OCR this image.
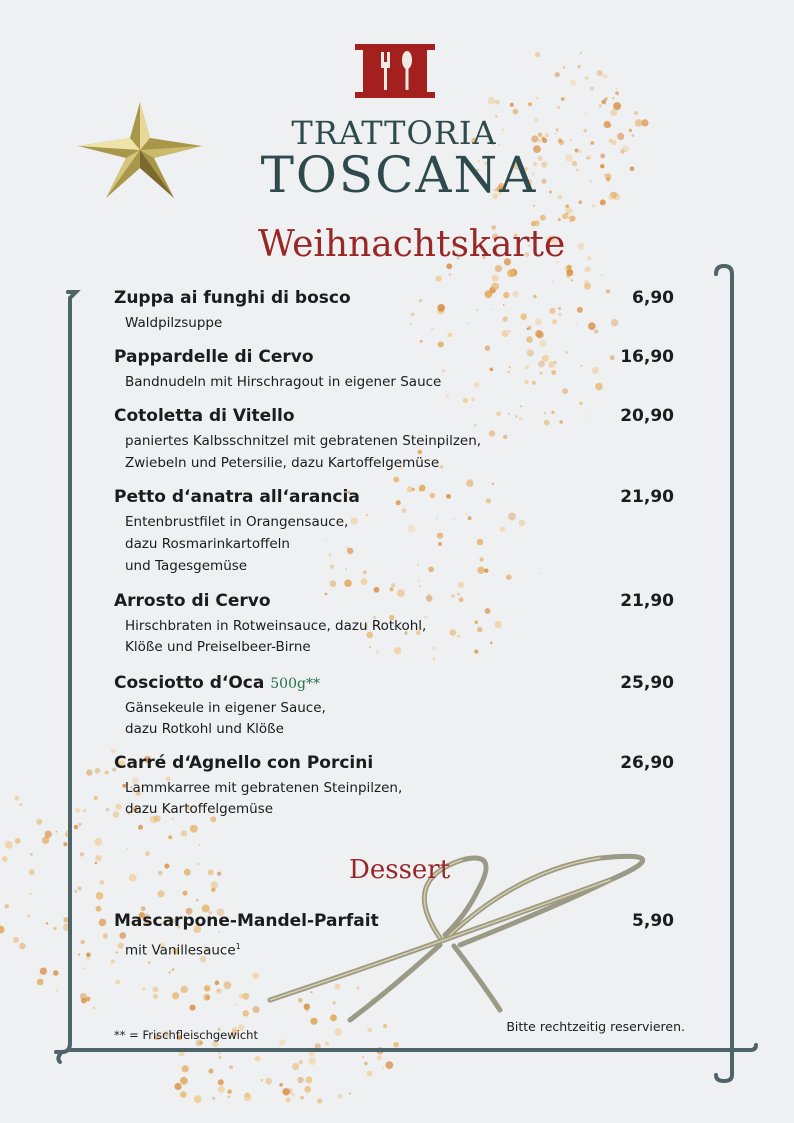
TRATTORIA
TOSCANA
Weihnachtskarte
Zuppa ai funghi di bosco	6,90
Waldpilzsuppe
Pappardelle di Cervo	16,90
Bandnudeln mit Hirschragout in eigener Sauce
Cotoletta di Vitello	20,90
paniertes Kalbsschnitzel mit gebratenen Steinpilzen,
Zwiebeln und Petersilie, dazu Kartoffelgemüse
Petto d‘anatra all‘arancia	21,90
Entenbrustfilet in Orangensauce,
dazu Rosmarinkartoffeln
und Tagesgemüse
Arrosto di Cervo	21,90
Hirschbraten in Rotweinsauce, dazu Rotkohl,
Klöße und Preiselbeer-Birne
Cosciotto d‘Oca 500g**	25,90
Gänsekeule in eigener Sauce,
dazu Rotkohl und Klöße
Carré d‘Agnello con Porcini	26,90
Lammkarree mit gebratenen Steinpilzen,
dazu Kartoffelgemüse
Dessert
Mascarpone-Mandel-Parfait	5,90
mit Vanillesauce$^1$
** = Frischfleischgewicht
Bitte rechtzeitig reservieren.
